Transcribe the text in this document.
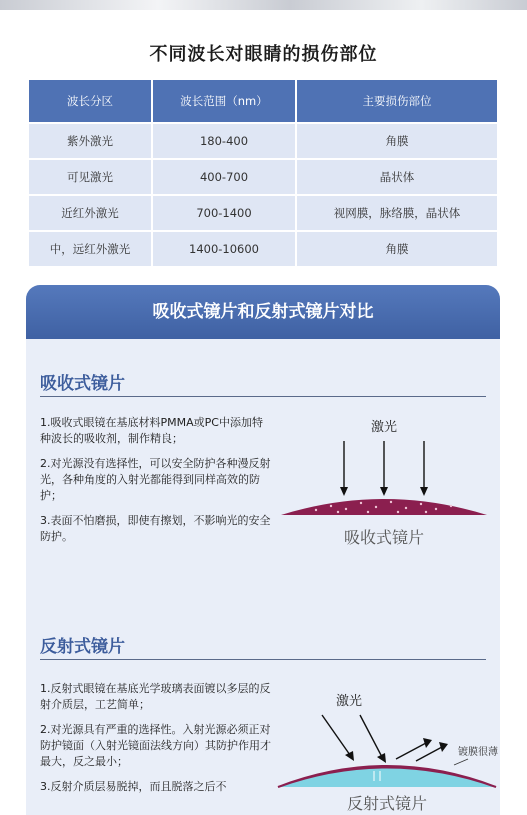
不同波长对眼睛的损伤部位
波长分区	波长范围（nm）	主要损伤部位
紫外激光	180-400	角膜
可见激光	400-700	晶状体
近红外激光	700-1400	视网膜，脉络膜，晶状体
中，远红外激光	1400-10600	角膜
吸收式镜片和反射式镜片对比
吸收式镜片

1.吸收式眼镜在基底材料PMMA或PC中添加特种波长的吸收剂，制作精良；

2.对光源没有选择性，可以安全防护各种漫反射光，各种角度的入射光都能得到同样高效的防护；

3.表面不怕磨损，即使有擦划，不影响光的安全防护。

激光
吸收式镜片
反射式镜片

1.反射式眼镜在基底光学玻璃表面镀以多层的反射介质层，工艺简单；

2.对光源具有严重的选择性。入射光源必须正对防护镜面（入射光镜面法线方向）其防护作用才最大，反之最小；

3.反射介质层易脱掉，而且脱落之后不

激光
镀膜很薄
反射式镜片
